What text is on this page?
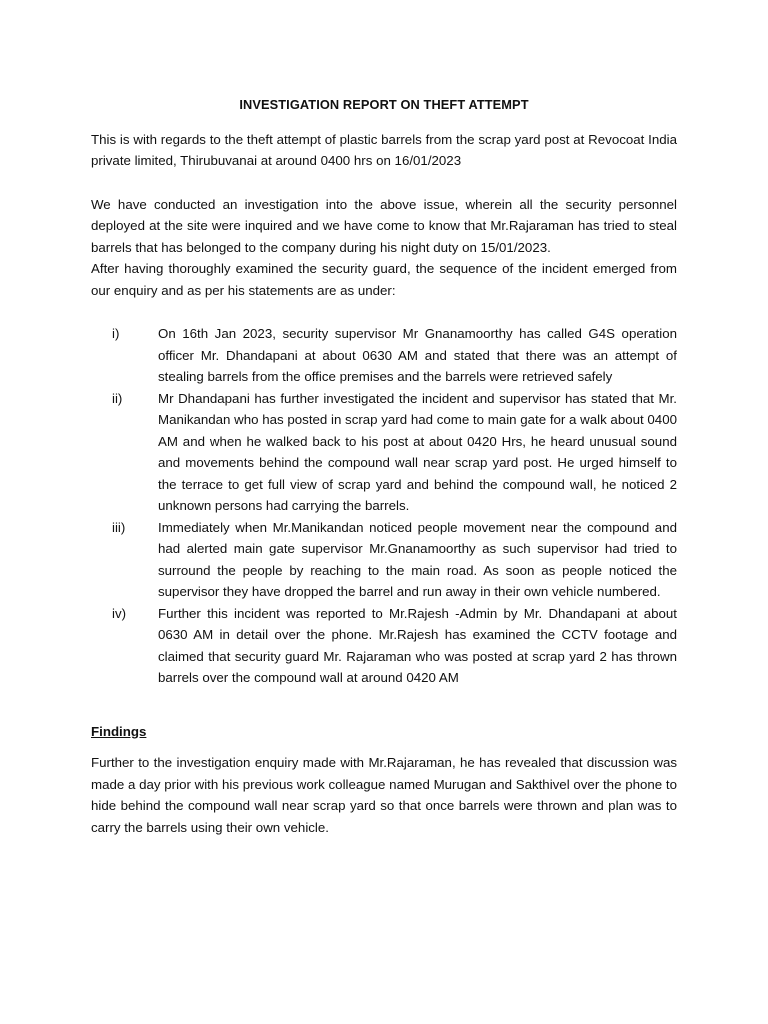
INVESTIGATION REPORT ON THEFT ATTEMPT

This is with regards to the theft attempt of plastic barrels from the scrap yard post at Revocoat India private limited, Thirubuvanai at around 0400 hrs on 16/01/2023

We have conducted an investigation into the above issue, wherein all the security personnel deployed at the site were inquired and we have come to know that Mr.Rajaraman has tried to steal barrels that has belonged to the company during his night duty on 15/01/2023.

After having thoroughly examined the security guard, the sequence of the incident emerged from our enquiry and as per his statements are as under:

i)	On 16th Jan 2023, security supervisor Mr Gnanamoorthy has called G4S operation officer Mr. Dhandapani at about 0630 AM and stated that there was an attempt of stealing barrels from the office premises and the barrels were retrieved safely
ii)	Mr Dhandapani has further investigated the incident and supervisor has stated that Mr. Manikandan who has posted in scrap yard had come to main gate for a walk about 0400 AM and when he walked back to his post at about 0420 Hrs, he heard unusual sound and movements behind the compound wall near scrap yard post. He urged himself to the terrace to get full view of scrap yard and behind the compound wall, he noticed 2 unknown persons had carrying the barrels.
iii) Immediately when Mr.Manikandan noticed people movement near the compound and had alerted main gate supervisor Mr.Gnanamoorthy as such supervisor had tried to surround the people by reaching to the main road. As soon as people noticed the supervisor they have dropped the barrel and run away in their own vehicle numbered.
iv) Further this incident was reported to Mr.Rajesh -Admin by Mr. Dhandapani at about 0630 AM in detail over the phone. Mr.Rajesh has examined the CCTV footage and claimed that security guard Mr. Rajaraman who was posted at scrap yard 2 has thrown barrels over the compound wall at around 0420 AM
Findings

Further to the investigation enquiry made with Mr.Rajaraman, he has revealed that discussion was made a day prior with his previous work colleague named Murugan and Sakthivel over the phone to hide behind the compound wall near scrap yard so that once barrels were thrown and plan was to carry the barrels using their own vehicle.
